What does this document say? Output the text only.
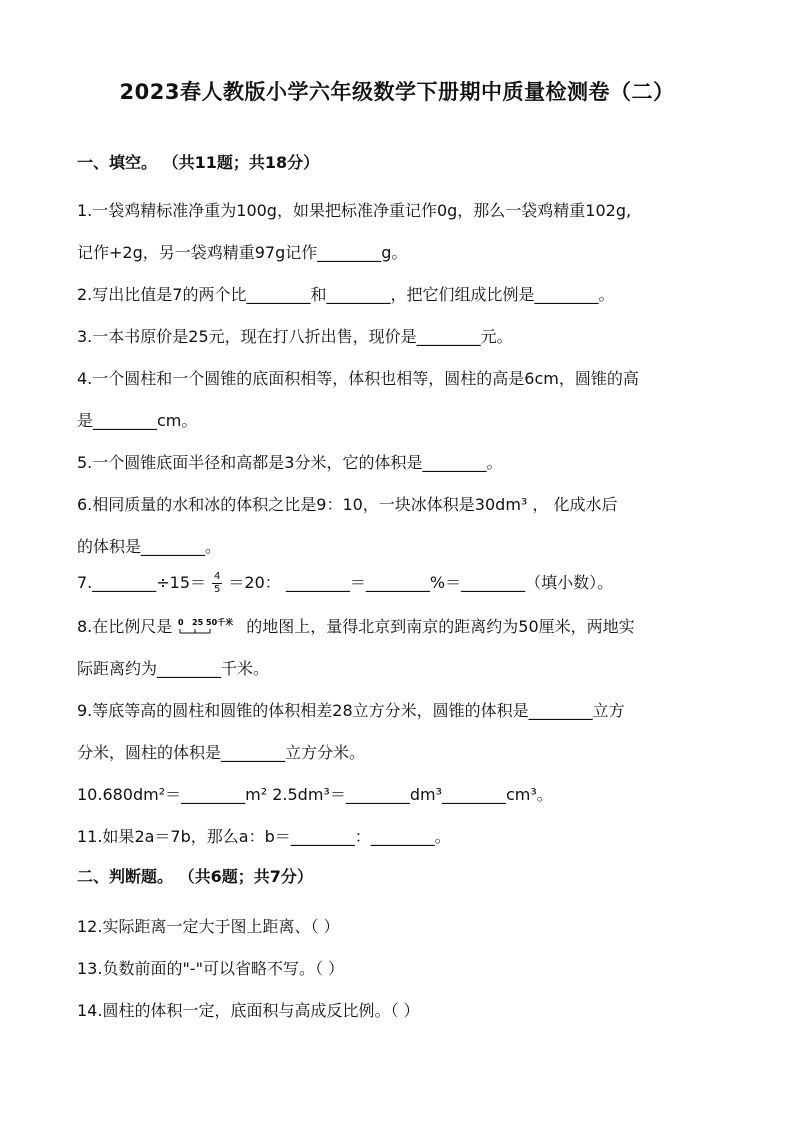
2023春人教版小学六年级数学下册期中质量检测卷（二）
一、填空。 （共11题；共18分）
1.一袋鸡精标准净重为100g，如果把标准净重记作0g，那么一袋鸡精重102g,
记作+2g，另一袋鸡精重97g记作________g。
2.写出比值是7的两个比________和________，把它们组成比例是________。
3.一本书原价是25元，现在打八折出售，现价是________元。
4.一个圆柱和一个圆锥的底面积相等，体积也相等，圆柱的高是6cm，圆锥的高
是________cm。
5.一个圆锥底面半径和高都是3分米，它的体积是________。
6.相同质量的水和冰的体积之比是9：10，一块冰体积是30dm³ ， 化成水后
的体积是________。
7.________÷15＝ $\frac{4}{5} =20$： ________＝________%＝________（填小数）。
8.在比例尺是 0 25 50千米 的地图上，量得北京到南京的距离约为50厘米，两地实
际距离约为________千米。
9.等底等高的圆柱和圆锥的体积相差28立方分米，圆锥的体积是________立方
分米，圆柱的体积是________立方分米。
10.680dm²＝________m² 2.5dm³＝________dm³________cm³。
11.如果2a＝7b，那么a：b＝________：________。
二、判断题。 （共6题；共7分）
12.实际距离一定大于图上距离、（ ）
13.负数前面的"-"可以省略不写。（ ）
14.圆柱的体积一定，底面积与高成反比例。（ ）
